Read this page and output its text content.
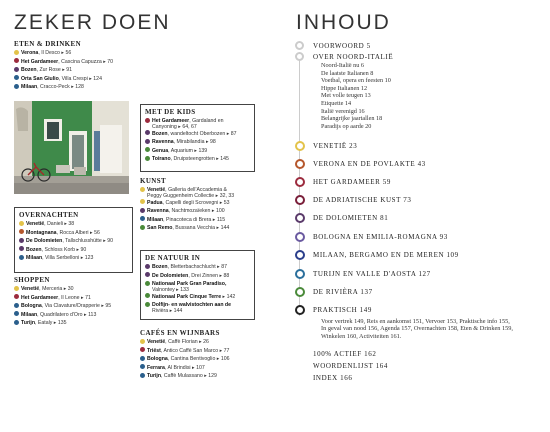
ZEKER DOEN
ETEN & DRINKEN
Verona, Il Desco ▸ 56
Het Gardameer, Cascina Capuzza ▸ 70
Bozen, Zur Rose ▸ 91
Orta San Giulio, Villa Crespi ▸ 124
Milaan, Cracco-Peck ▸ 128
OVERNACHTEN
Venetië, Danieli ▸ 38
Montagnana, Rocca Alberi ▸ 56
De Dolomieten, Tallschlusshütte ▸ 90
Bozen, Schloss Korb ▸ 90
Milaan, Villa Serbelloni ▸ 123
SHOPPEN
Venetië, Merceria ▸ 30
Het Gardameer, Il Leone ▸ 71
Bologna, Via Clavature/Drapperie ▸ 95
Milaan, Quadrilatero d'Oro ▸ 113
Turijn, Eataly ▸ 135
MET DE KIDS
Het Gardameer, Gardaland en
Canyoning ▸ 64, 67
Bozen, wandeltocht Oberbozen ▸ 87
Ravenna, Mirabilandia ▸ 98
Genua, Aquarium ▸ 139
Toirano, Druipsteengrotten ▸ 145
KUNST
Venetië, Galleria dell'Accademia &
Peggy Guggenheim Collectie ▸ 32, 33
Padua, Capelli degli Scrovegni ▸ 53
Ravenna, Nachtmozaïeken ▸ 100
Milaan, Pinacoteca di Brera ▸ 115
San Remo, Bussana Vecchia ▸ 144
DE NATUUR IN
Bozen, Bletterbachschlucht ▸ 87
De Dolomieten, Drei Zinnen ▸ 88
Nationaal Park Gran Paradiso,
Valnontey ▸ 133
Nationaal Park Cinque Terre ▸ 142
Dolfijn- en walvistochten aan de
Rivièra ▸ 144
CAFÉS EN WIJNBARS
Venetië, Caffè Florian ▸ 26
Triëst, Antico Caffè San Marco ▸ 77
Bologna, Cantina Bentivoglio ▸ 106
Ferrara, Al Brindisi ▸ 107
Turijn, Caffè Mulassano ▸ 129
INHOUD
VOORWOORD 5
OVER NOORD-ITALIË
Noord-Italië nu 6
De laatste Italianen 8
Voetbal, opera en feesten 10
Hippe Italianen 12
Met volle teugen 13
Etiquette 14
Italië verenigd 16
Belangrijke jaartallen 18
Paradijs op aarde 20
Voor vertrek 149, Reis en aankomst 151, Vervoer 153, Praktische info 155,
In geval van nood 156, Agenda 157, Overnachten 158, Eten & Drinken 159,
Winkelen 160, Activiteiten 161.
100% ACTIEF 162
WOORDENLIJST 164
INDEX 166
VENETIË 23
VERONA EN DE POVLAKTE 43
HET GARDAMEER 59
DE ADRIATISCHE KUST 73
DE DOLOMIETEN 81
BOLOGNA EN EMILIA-ROMAGNA 93
MILAAN, BERGAMO EN DE MEREN 109
TURIJN EN VALLE D'AOSTA 127
DE RIVIÈRA 137
PRAKTISCH 149
